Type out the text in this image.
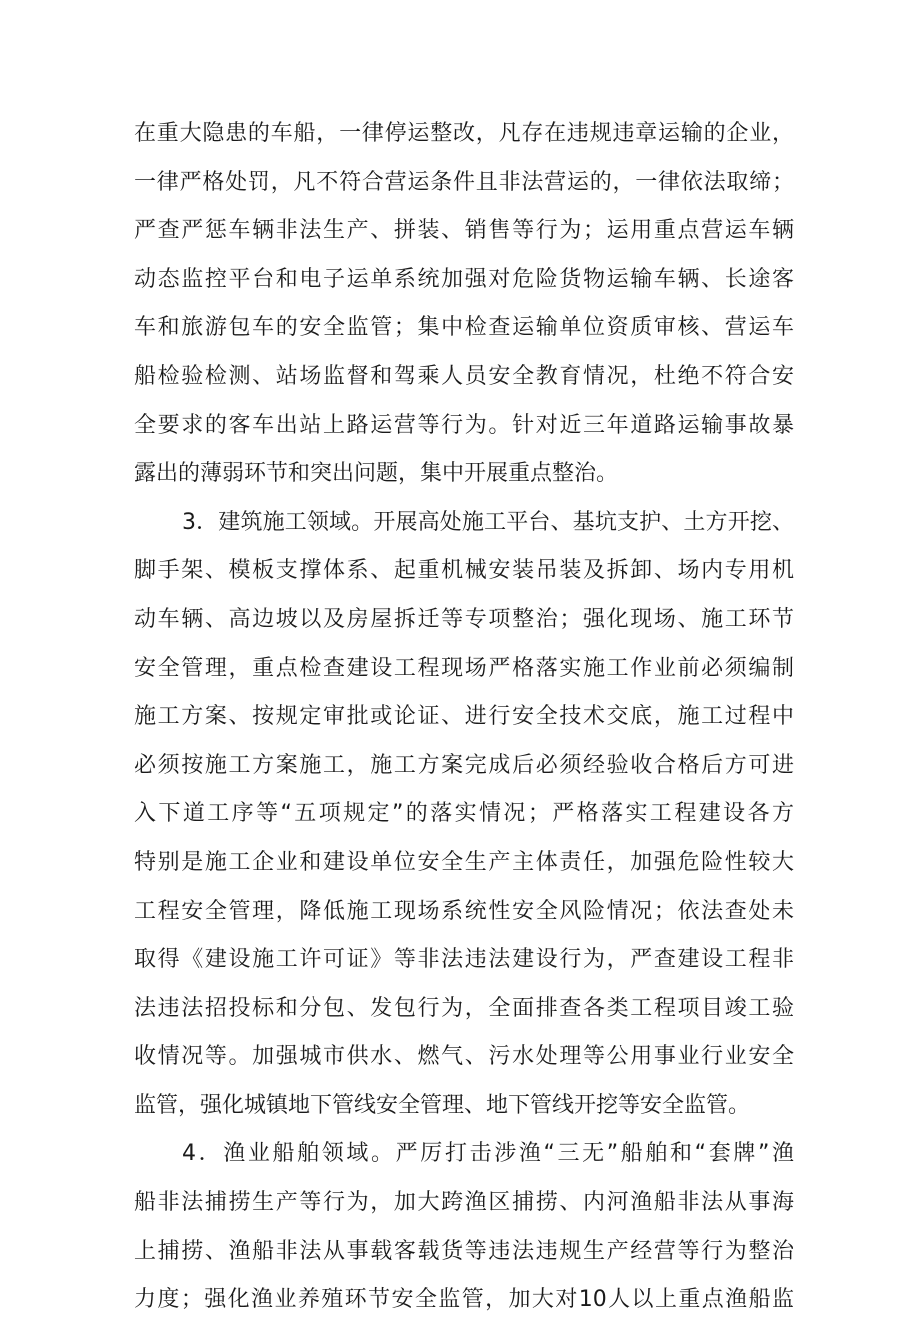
在重大隐患的车船，一律停运整改，凡存在违规违章运输的企业，
一律严格处罚，凡不符合营运条件且非法营运的，一律依法取缔；
严查严惩车辆非法生产、拼装、销售等行为；运用重点营运车辆
动态监控平台和电子运单系统加强对危险货物运输车辆、长途客
车和旅游包车的安全监管；集中检查运输单位资质审核、营运车
船检验检测、站场监督和驾乘人员安全教育情况，杜绝不符合安
全要求的客车出站上路运营等行为。针对近三年道路运输事故暴
露出的薄弱环节和突出问题，集中开展重点整治。
3．建筑施工领域。开展高处施工平台、基坑支护、土方开挖、
脚手架、模板支撑体系、起重机械安装吊装及拆卸、场内专用机
动车辆、高边坡以及房屋拆迁等专项整治；强化现场、施工环节
安全管理，重点检查建设工程现场严格落实施工作业前必须编制
施工方案、按规定审批或论证、进行安全技术交底，施工过程中
必须按施工方案施工，施工方案完成后必须经验收合格后方可进
入下道工序等“五项规定”的落实情况；严格落实工程建设各方
特别是施工企业和建设单位安全生产主体责任，加强危险性较大
工程安全管理，降低施工现场系统性安全风险情况；依法查处未
取得《建设施工许可证》等非法违法建设行为，严查建设工程非
法违法招投标和分包、发包行为，全面排查各类工程项目竣工验
收情况等。加强城市供水、燃气、污水处理等公用事业行业安全
监管，强化城镇地下管线安全管理、地下管线开挖等安全监管。
4．渔业船舶领域。严厉打击涉渔“三无”船舶和“套牌”渔
船非法捕捞生产等行为，加大跨渔区捕捞、内河渔船非法从事海
上捕捞、渔船非法从事载客载货等违法违规生产经营等行为整治
力度；强化渔业养殖环节安全监管，加大对10人以上重点渔船监
